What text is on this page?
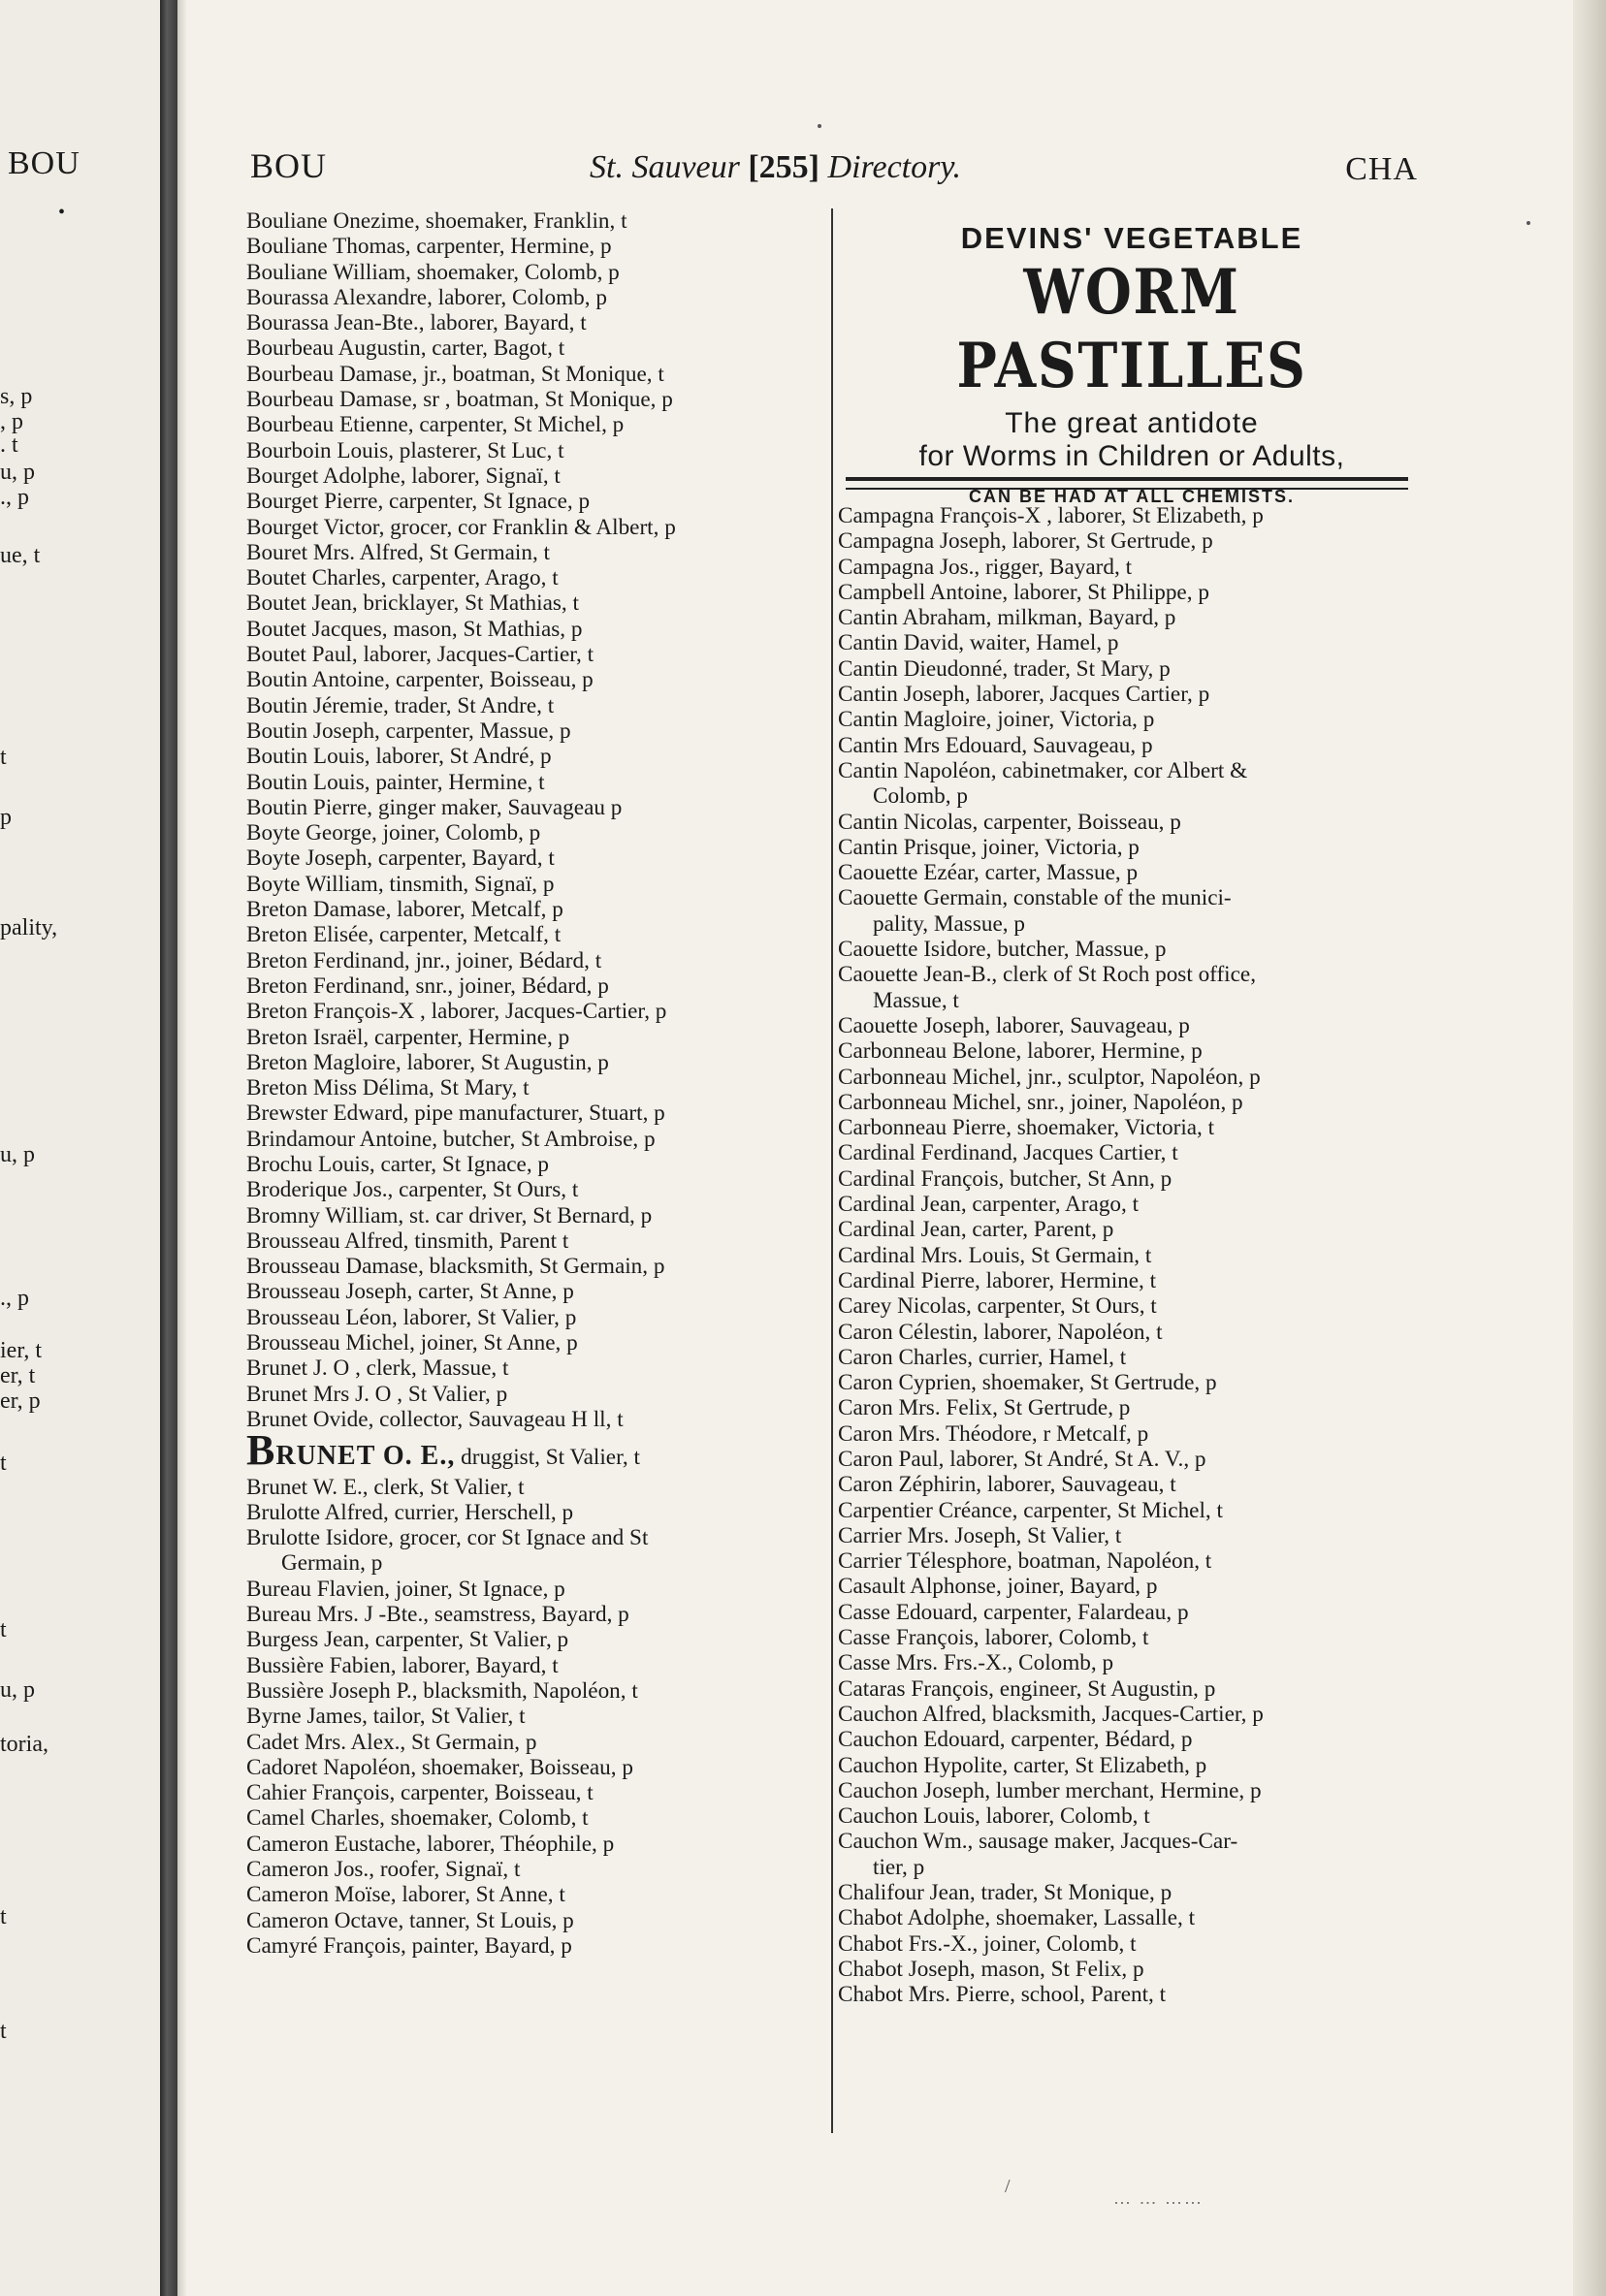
BOU
•
s, p
, p
. t
u, p
., p
ue, t
t
p
pality,
u, p
., p
ier, t
er, t
er, p
t
t
u, p
toria,
t
t
BOU	St. Sauveur [255] Directory.	CHA
Bouliane Onezime, shoemaker, Franklin, t
Bouliane Thomas, carpenter, Hermine, p
Bouliane William, shoemaker, Colomb, p
Bourassa Alexandre, laborer, Colomb, p
Bourassa Jean-Bte., laborer, Bayard, t
Bourbeau Augustin, carter, Bagot, t
Bourbeau Damase, jr., boatman, St Monique, t
Bourbeau Damase, sr , boatman, St Monique, p
Bourbeau Etienne, carpenter, St Michel, p
Bourboin Louis, plasterer, St Luc, t
Bourget Adolphe, laborer, Signaï, t
Bourget Pierre, carpenter, St Ignace, p
Bourget Victor, grocer, cor Franklin & Albert, p
Bouret Mrs. Alfred, St Germain, t
Boutet Charles, carpenter, Arago, t
Boutet Jean, bricklayer, St Mathias, t
Boutet Jacques, mason, St Mathias, p
Boutet Paul, laborer, Jacques-Cartier, t
Boutin Antoine, carpenter, Boisseau, p
Boutin Jéremie, trader, St Andre, t
Boutin Joseph, carpenter, Massue, p
Boutin Louis, laborer, St André, p
Boutin Louis, painter, Hermine, t
Boutin Pierre, ginger maker, Sauvageau p
Boyte George, joiner, Colomb, p
Boyte Joseph, carpenter, Bayard, t
Boyte William, tinsmith, Signaï, p
Breton Damase, laborer, Metcalf, p
Breton Elisée, carpenter, Metcalf, t
Breton Ferdinand, jnr., joiner, Bédard, t
Breton Ferdinand, snr., joiner, Bédard, p
Breton François-X , laborer, Jacques-Cartier, p
Breton Israël, carpenter, Hermine, p
Breton Magloire, laborer, St Augustin, p
Breton Miss Délima, St Mary, t
Brewster Edward, pipe manufacturer, Stuart, p
Brindamour Antoine, butcher, St Ambroise, p
Brochu Louis, carter, St Ignace, p
Broderique Jos., carpenter, St Ours, t
Bromny William, st. car driver, St Bernard, p
Brousseau Alfred, tinsmith, Parent t
Brousseau Damase, blacksmith, St Germain, p
Brousseau Joseph, carter, St Anne, p
Brousseau Léon, laborer, St Valier, p
Brousseau Michel, joiner, St Anne, p
Brunet J. O , clerk, Massue, t
Brunet Mrs J. O , St Valier, p
Brunet Ovide, collector, Sauvageau H ll, t
BRUNET O. E., druggist, St Valier, t
Brunet W. E., clerk, St Valier, t
Brulotte Alfred, currier, Herschell, p
Brulotte Isidore, grocer, cor St Ignace and St
Germain, p
Bureau Flavien, joiner, St Ignace, p
Bureau Mrs. J -Bte., seamstress, Bayard, p
Burgess Jean, carpenter, St Valier, p
Bussière Fabien, laborer, Bayard, t
Bussière Joseph P., blacksmith, Napoléon, t
Byrne James, tailor, St Valier, t
Cadet Mrs. Alex., St Germain, p
Cadoret Napoléon, shoemaker, Boisseau, p
Cahier François, carpenter, Boisseau, t
Camel Charles, shoemaker, Colomb, t
Cameron Eustache, laborer, Théophile, p
Cameron Jos., roofer, Signaï, t
Cameron Moïse, laborer, St Anne, t
Cameron Octave, tanner, St Louis, p
Camyré François, painter, Bayard, p
DEVINS' VEGETABLE
WORM PASTILLES
The great antidote
for Worms in Children or Adults,
CAN BE HAD AT ALL CHEMISTS.
Campagna François-X , laborer, St Elizabeth, p
Campagna Joseph, laborer, St Gertrude, p
Campagna Jos., rigger, Bayard, t
Campbell Antoine, laborer, St Philippe, p
Cantin Abraham, milkman, Bayard, p
Cantin David, waiter, Hamel, p
Cantin Dieudonné, trader, St Mary, p
Cantin Joseph, laborer, Jacques Cartier, p
Cantin Magloire, joiner, Victoria, p
Cantin Mrs Edouard, Sauvageau, p
Cantin Napoléon, cabinetmaker, cor Albert &
Colomb, p
Cantin Nicolas, carpenter, Boisseau, p
Cantin Prisque, joiner, Victoria, p
Caouette Ezéar, carter, Massue, p
Caouette Germain, constable of the munici-
pality, Massue, p
Caouette Isidore, butcher, Massue, p
Caouette Jean-B., clerk of St Roch post office,
Massue, t
Caouette Joseph, laborer, Sauvageau, p
Carbonneau Belone, laborer, Hermine, p
Carbonneau Michel, jnr., sculptor, Napoléon, p
Carbonneau Michel, snr., joiner, Napoléon, p
Carbonneau Pierre, shoemaker, Victoria, t
Cardinal Ferdinand, Jacques Cartier, t
Cardinal François, butcher, St Ann, p
Cardinal Jean, carpenter, Arago, t
Cardinal Jean, carter, Parent, p
Cardinal Mrs. Louis, St Germain, t
Cardinal Pierre, laborer, Hermine, t
Carey Nicolas, carpenter, St Ours, t
Caron Célestin, laborer, Napoléon, t
Caron Charles, currier, Hamel, t
Caron Cyprien, shoemaker, St Gertrude, p
Caron Mrs. Felix, St Gertrude, p
Caron Mrs. Théodore, r Metcalf, p
Caron Paul, laborer, St André, St A. V., p
Caron Zéphirin, laborer, Sauvageau, t
Carpentier Créance, carpenter, St Michel, t
Carrier Mrs. Joseph, St Valier, t
Carrier Télesphore, boatman, Napoléon, t
Casault Alphonse, joiner, Bayard, p
Casse Edouard, carpenter, Falardeau, p
Casse François, laborer, Colomb, t
Casse Mrs. Frs.-X., Colomb, p
Cataras François, engineer, St Augustin, p
Cauchon Alfred, blacksmith, Jacques-Cartier, p
Cauchon Edouard, carpenter, Bédard, p
Cauchon Hypolite, carter, St Elizabeth, p
Cauchon Joseph, lumber merchant, Hermine, p
Cauchon Louis, laborer, Colomb, t
Cauchon Wm., sausage maker, Jacques-Car-
tier, p
Chalifour Jean, trader, St Monique, p
Chabot Adolphe, shoemaker, Lassalle, t
Chabot Frs.-X., joiner, Colomb, t
Chabot Joseph, mason, St Felix, p
Chabot Mrs. Pierre, school, Parent, t
/
⋯ ⋯ ⋯⋯
